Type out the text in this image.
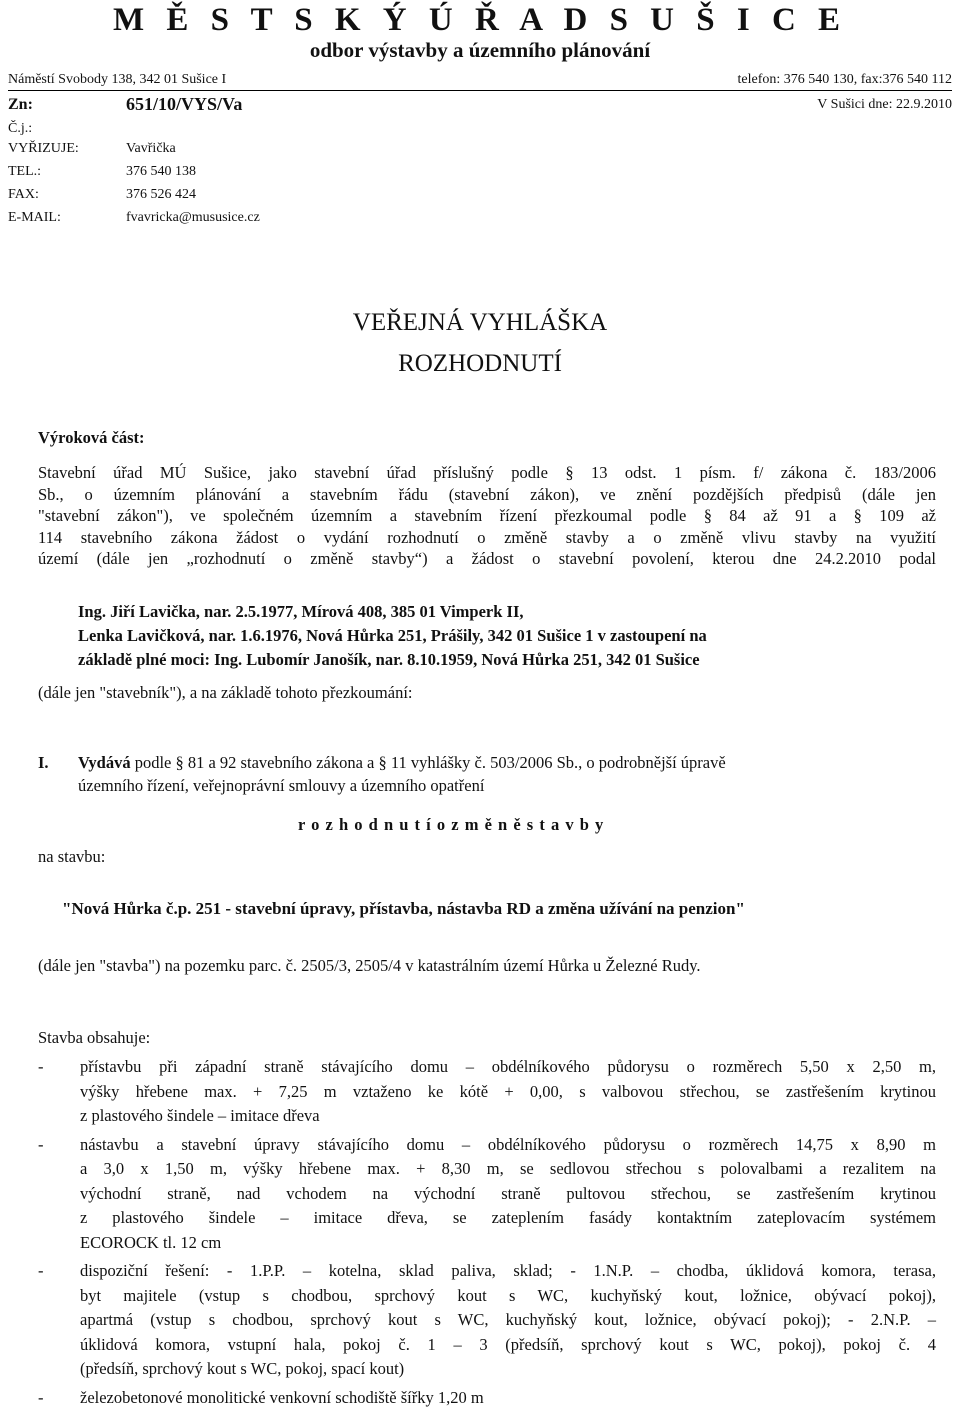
M Ě S T S K Ý Ú Ř A D S U Š I C E
odbor výstavby a územního plánování
Náměstí Svobody 138, 342 01 Sušice I	telefon: 376 540 130, fax:376 540 112
Zn:	651/10/VYS/Va	V Sušici dne: 22.9.2010
Č.j.:
VYŘIZUJE:	Vavřička
TEL.:	376 540 138
FAX:	376 526 424
E-MAIL:	fvavricka@mususice.cz
VEŘEJNÁ VYHLÁŠKA
ROZHODNUTÍ
Výroková část:
Stavební úřad MÚ Sušice, jako stavební úřad příslušný podle § 13 odst. 1 písm. f/ zákona č. 183/2006
Sb., o územním plánování a stavebním řádu (stavební zákon), ve znění pozdějších předpisů (dále jen
"stavební zákon"), ve společném územním a stavebním řízení přezkoumal podle § 84 až 91 a § 109 až
114 stavebního zákona žádost o vydání rozhodnutí o změně stavby a o změně vlivu stavby na využití
území (dále jen „rozhodnutí o změně stavby“) a žádost o stavební povolení, kterou dne 24.2.2010 podal
Ing. Jiří Lavička, nar. 2.5.1977, Mírová 408, 385 01 Vimperk II,
Lenka Lavičková, nar. 1.6.1976, Nová Hůrka 251, Prášily, 342 01 Sušice 1 v zastoupení na
základě plné moci: Ing. Lubomír Janošík, nar. 8.10.1959, Nová Hůrka 251, 342 01 Sušice
(dále jen "stavebník"), a na základě tohoto přezkoumání:
I. Vydává podle § 81 a 92 stavebního zákona a § 11 vyhlášky č. 503/2006 Sb., o podrobnější úpravě
územního řízení, veřejnoprávní smlouvy a územního opatření
r o z h o d n u t í o z m ě n ě s t a v b y
na stavbu:
"Nová Hůrka č.p. 251 - stavební úpravy, přístavba, nástavba RD a změna užívání na penzion"
(dále jen "stavba") na pozemku parc. č. 2505/3, 2505/4 v katastrálním území Hůrka u Železné Rudy.
Stavba obsahuje:
- přístavbu při západní straně stávajícího domu – obdélníkového půdorysu o rozměrech 5,50 x 2,50 m,
výšky hřebene max. + 7,25 m vztaženo ke kótě + 0,00, s valbovou střechou, se zastřešením krytinou
z plastového šindele – imitace dřeva
- nástavbu a stavební úpravy stávajícího domu – obdélníkového půdorysu o rozměrech 14,75 x 8,90 m
a 3,0 x 1,50 m, výšky hřebene max. + 8,30 m, se sedlovou střechou s polovalbami a rezalitem na
východní straně, nad vchodem na východní straně pultovou střechou, se zastřešením krytinou
z plastového šindele – imitace dřeva, se zateplením fasády kontaktním zateplovacím systémem
ECOROCK tl. 12 cm
- dispoziční řešení: - 1.P.P. – kotelna, sklad paliva, sklad; - 1.N.P. – chodba, úklidová komora, terasa,
byt majitele (vstup s chodbou, sprchový kout s WC, kuchyňský kout, ložnice, obývací pokoj),
apartmá (vstup s chodbou, sprchový kout s WC, kuchyňský kout, ložnice, obývací pokoj); - 2.N.P. –
úklidová komora, vstupní hala, pokoj č. 1 – 3 (předsíň, sprchový kout s WC, pokoj), pokoj č. 4
(předsíň, sprchový kout s WC, pokoj, spací kout)
- železobetonové monolitické venkovní schodiště šířky 1,20 m
